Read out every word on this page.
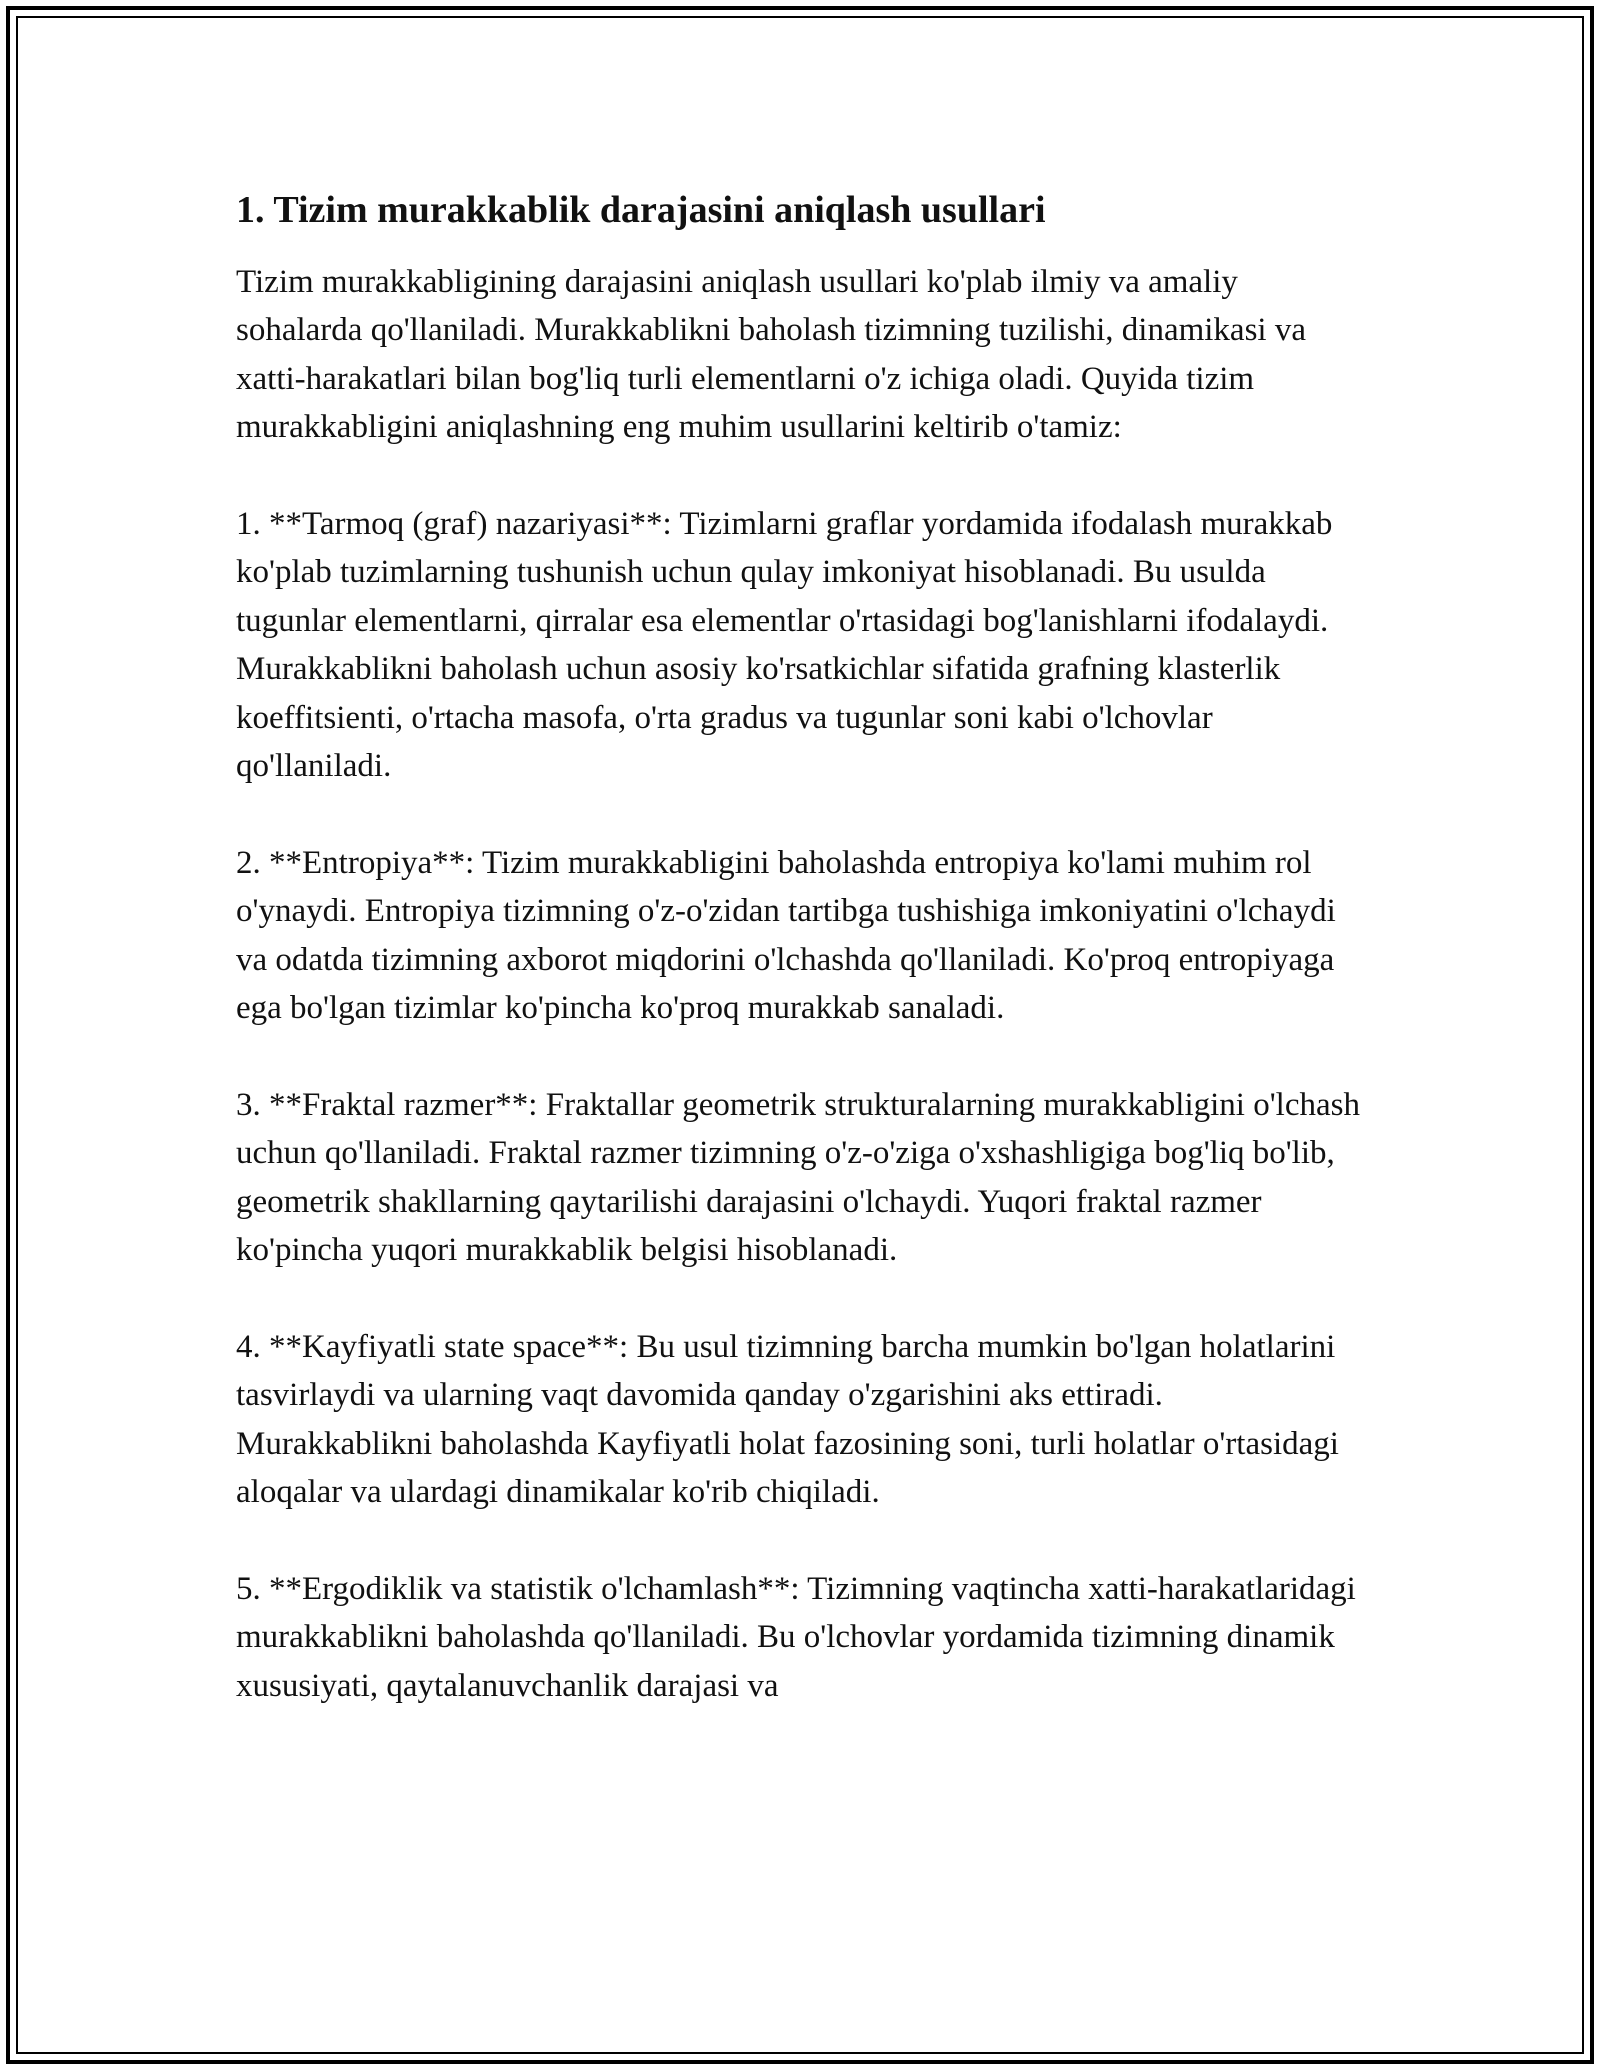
1. Tizim murakkablik darajasini aniqlash usullari

Tizim murakkabligining darajasini aniqlash usullari ko'plab ilmiy va amaliy sohalarda qo'llaniladi. Murakkablikni baholash tizimning tuzilishi, dinamikasi va xatti-harakatlari bilan bog'liq turli elementlarni o'z ichiga oladi. Quyida tizim murakkabligini aniqlashning eng muhim usullarini keltirib o'tamiz:

1. **Tarmoq (graf) nazariyasi**: Tizimlarni graflar yordamida ifodalash murakkab ko'plab tuzimlarning tushunish uchun qulay imkoniyat hisoblanadi. Bu usulda tugunlar elementlarni, qirralar esa elementlar o'rtasidagi bog'lanishlarni ifodalaydi. Murakkablikni baholash uchun asosiy ko'rsatkichlar sifatida grafning klasterlik koeffitsienti, o'rtacha masofa, o'rta gradus va tugunlar soni kabi o'lchovlar qo'llaniladi.

2. **Entropiya**: Tizim murakkabligini baholashda entropiya ko'lami muhim rol o'ynaydi. Entropiya tizimning o'z-o'zidan tartibga tushishiga imkoniyatini o'lchaydi va odatda tizimning axborot miqdorini o'lchashda qo'llaniladi. Ko'proq entropiyaga ega bo'lgan tizimlar ko'pincha ko'proq murakkab sanaladi.

3. **Fraktal razmer**: Fraktallar geometrik strukturalarning murakkabligini o'lchash uchun qo'llaniladi. Fraktal razmer tizimning o'z-o'ziga o'xshashligiga bog'liq bo'lib, geometrik shakllarning qaytarilishi darajasini o'lchaydi. Yuqori fraktal razmer ko'pincha yuqori murakkablik belgisi hisoblanadi.

4. **Kayfiyatli state space**: Bu usul tizimning barcha mumkin bo'lgan holatlarini tasvirlaydi va ularning vaqt davomida qanday o'zgarishini aks ettiradi. Murakkablikni baholashda Kayfiyatli holat fazosining soni, turli holatlar o'rtasidagi aloqalar va ulardagi dinamikalar ko'rib chiqiladi.

5. **Ergodiklik va statistik o'lchamlash**: Tizimning vaqtincha xatti-harakatlaridagi murakkablikni baholashda qo'llaniladi. Bu o'lchovlar yordamida tizimning dinamik xususiyati, qaytalanuvchanlik darajasi va
